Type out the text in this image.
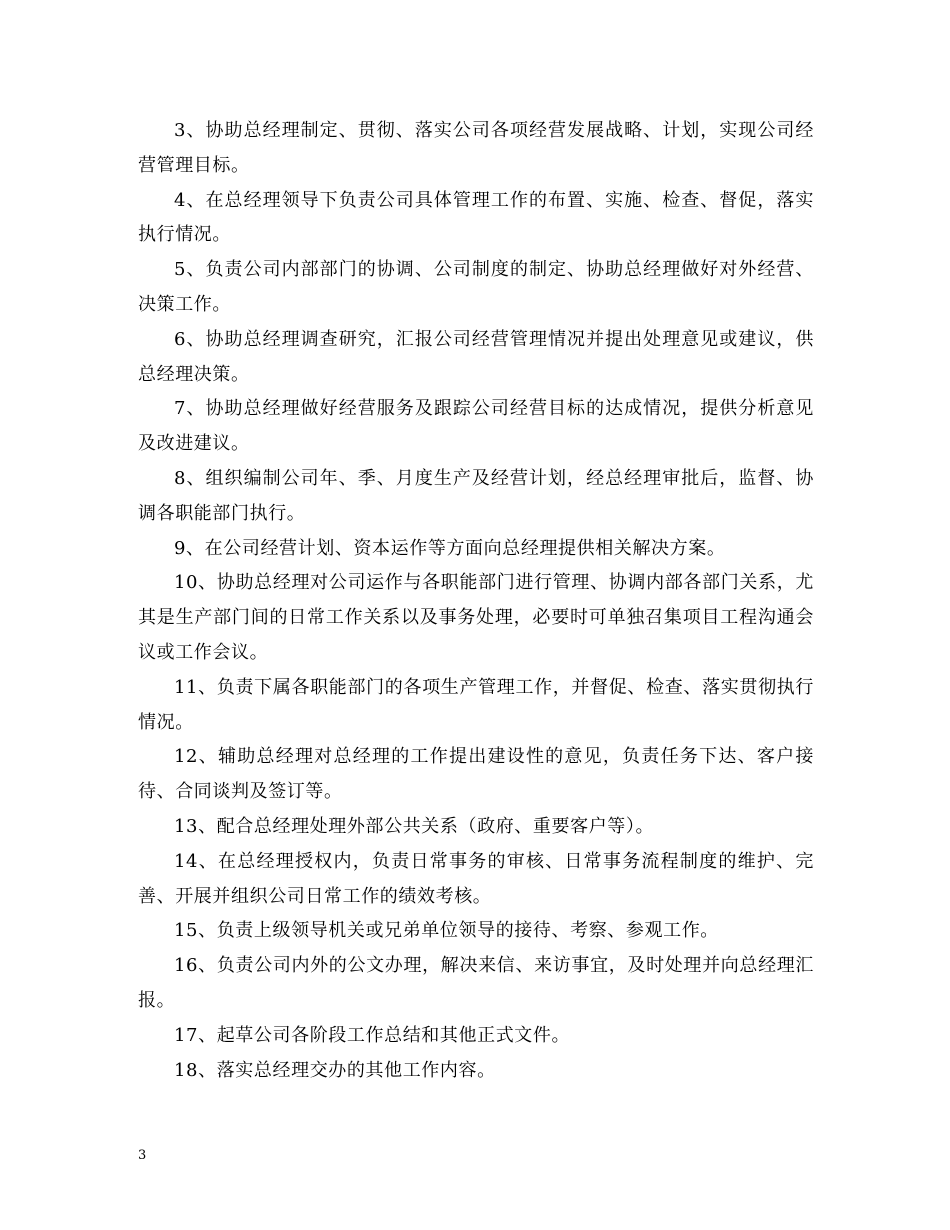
3、协助总经理制定、贯彻、落实公司各项经营发展战略、计划，实现公司经营管理目标。

4、在总经理领导下负责公司具体管理工作的布置、实施、检查、督促，落实执行情况。

5、负责公司内部部门的协调、公司制度的制定、协助总经理做好对外经营、决策工作。

6、协助总经理调查研究，汇报公司经营管理情况并提出处理意见或建议，供总经理决策。

7、协助总经理做好经营服务及跟踪公司经营目标的达成情况，提供分析意见及改进建议。

8、组织编制公司年、季、月度生产及经营计划，经总经理审批后，监督、协调各职能部门执行。

9、在公司经营计划、资本运作等方面向总经理提供相关解决方案。

10、协助总经理对公司运作与各职能部门进行管理、协调内部各部门关系，尤其是生产部门间的日常工作关系以及事务处理，必要时可单独召集项目工程沟通会议或工作会议。

11、负责下属各职能部门的各项生产管理工作，并督促、检查、落实贯彻执行情况。

12、辅助总经理对总经理的工作提出建设性的意见，负责任务下达、客户接待、合同谈判及签订等。

13、配合总经理处理外部公共关系（政府、重要客户等）。

14、在总经理授权内，负责日常事务的审核、日常事务流程制度的维护、完善、开展并组织公司日常工作的绩效考核。

15、负责上级领导机关或兄弟单位领导的接待、考察、参观工作。

16、负责公司内外的公文办理，解决来信、来访事宜，及时处理并向总经理汇报。

17、起草公司各阶段工作总结和其他正式文件。

18、落实总经理交办的其他工作内容。

3
